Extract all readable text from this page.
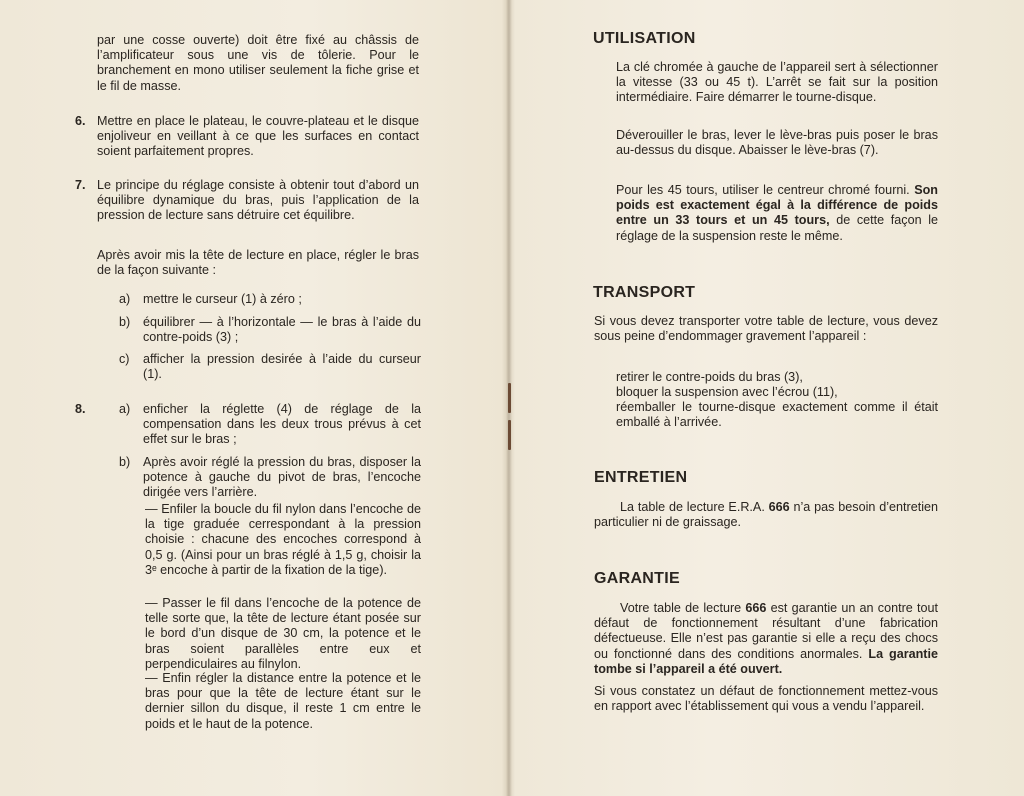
par une cosse ouverte) doit être fixé au châssis de l’amplificateur sous une vis de tôlerie. Pour le branchement en mono utiliser seulement la fiche grise et le fil de masse.

6. Mettre en place le plateau, le couvre-plateau et le disque enjoliveur en veillant à ce que les surfaces en contact soient parfaitement propres.

7. Le principe du réglage consiste à obtenir tout d’abord un équilibre dynamique du bras, puis l’application de la pression de lecture sans détruire cet équilibre.

Après avoir mis la tête de lecture en place, régler le bras de la façon suivante :

a) mettre le curseur (1) à zéro ;

b) équilibrer — à l’horizontale — le bras à l’aide du contre-poids (3) ;

c) afficher la pression desirée à l’aide du curseur (1).

8.	a) enficher la réglette (4) de réglage de la compensation dans les deux trous prévus à cet effet sur le bras ;

b) Après avoir réglé la pression du bras, disposer la potence à gauche du pivot de bras, l’encoche dirigée vers l’arrière.

— Enfiler la boucle du fil nylon dans l’encoche de la tige graduée cerrespondant à la pression choisie : chacune des encoches correspond à 0,5 g. (Ainsi pour un bras réglé à 1,5 g, choisir la 3ᵉ encoche à partir de la fixation de la tige).

— Passer le fil dans l’encoche de la potence de telle sorte que, la tête de lecture étant posée sur le bord d’un disque de 30 cm, la potence et le bras soient parallèles entre eux et perpendiculaires au filnylon.

— Enfin régler la distance entre la potence et le bras pour que la tête de lecture étant sur le dernier sillon du disque, il reste 1 cm entre le poids et le haut de la potence.

UTILISATION

La clé chromée à gauche de l’appareil sert à sélectionner la vitesse (33 ou 45 t). L’arrêt se fait sur la position intermédiaire. Faire démarrer le tourne-disque.

Déverouiller le bras, lever le lève-bras puis poser le bras au-dessus du disque. Abaisser le lève-bras (7).

Pour les 45 tours, utiliser le centreur chromé fourni. Son poids est exactement égal à la différence de poids entre un 33 tours et un 45 tours, de cette façon le réglage de la suspension reste le même.

TRANSPORT

Si vous devez transporter votre table de lecture, vous devez sous peine d’endommager gravement l’appareil :

retirer le contre-poids du bras (3),

bloquer la suspension avec l’écrou (11),

réemballer le tourne-disque exactement comme il était emballé à l’arrivée.

ENTRETIEN

La table de lecture E.R.A. 666 n’a pas besoin d’entretien particulier ni de graissage.

GARANTIE

Votre table de lecture 666 est garantie un an contre tout défaut de fonctionnement résultant d’une fabrication défectueuse. Elle n’est pas garantie si elle a reçu des chocs ou fonctionné dans des conditions anormales. La garantie tombe si l’appareil a été ouvert.

Si vous constatez un défaut de fonctionnement mettez-vous en rapport avec l’établissement qui vous a vendu l’appareil.
